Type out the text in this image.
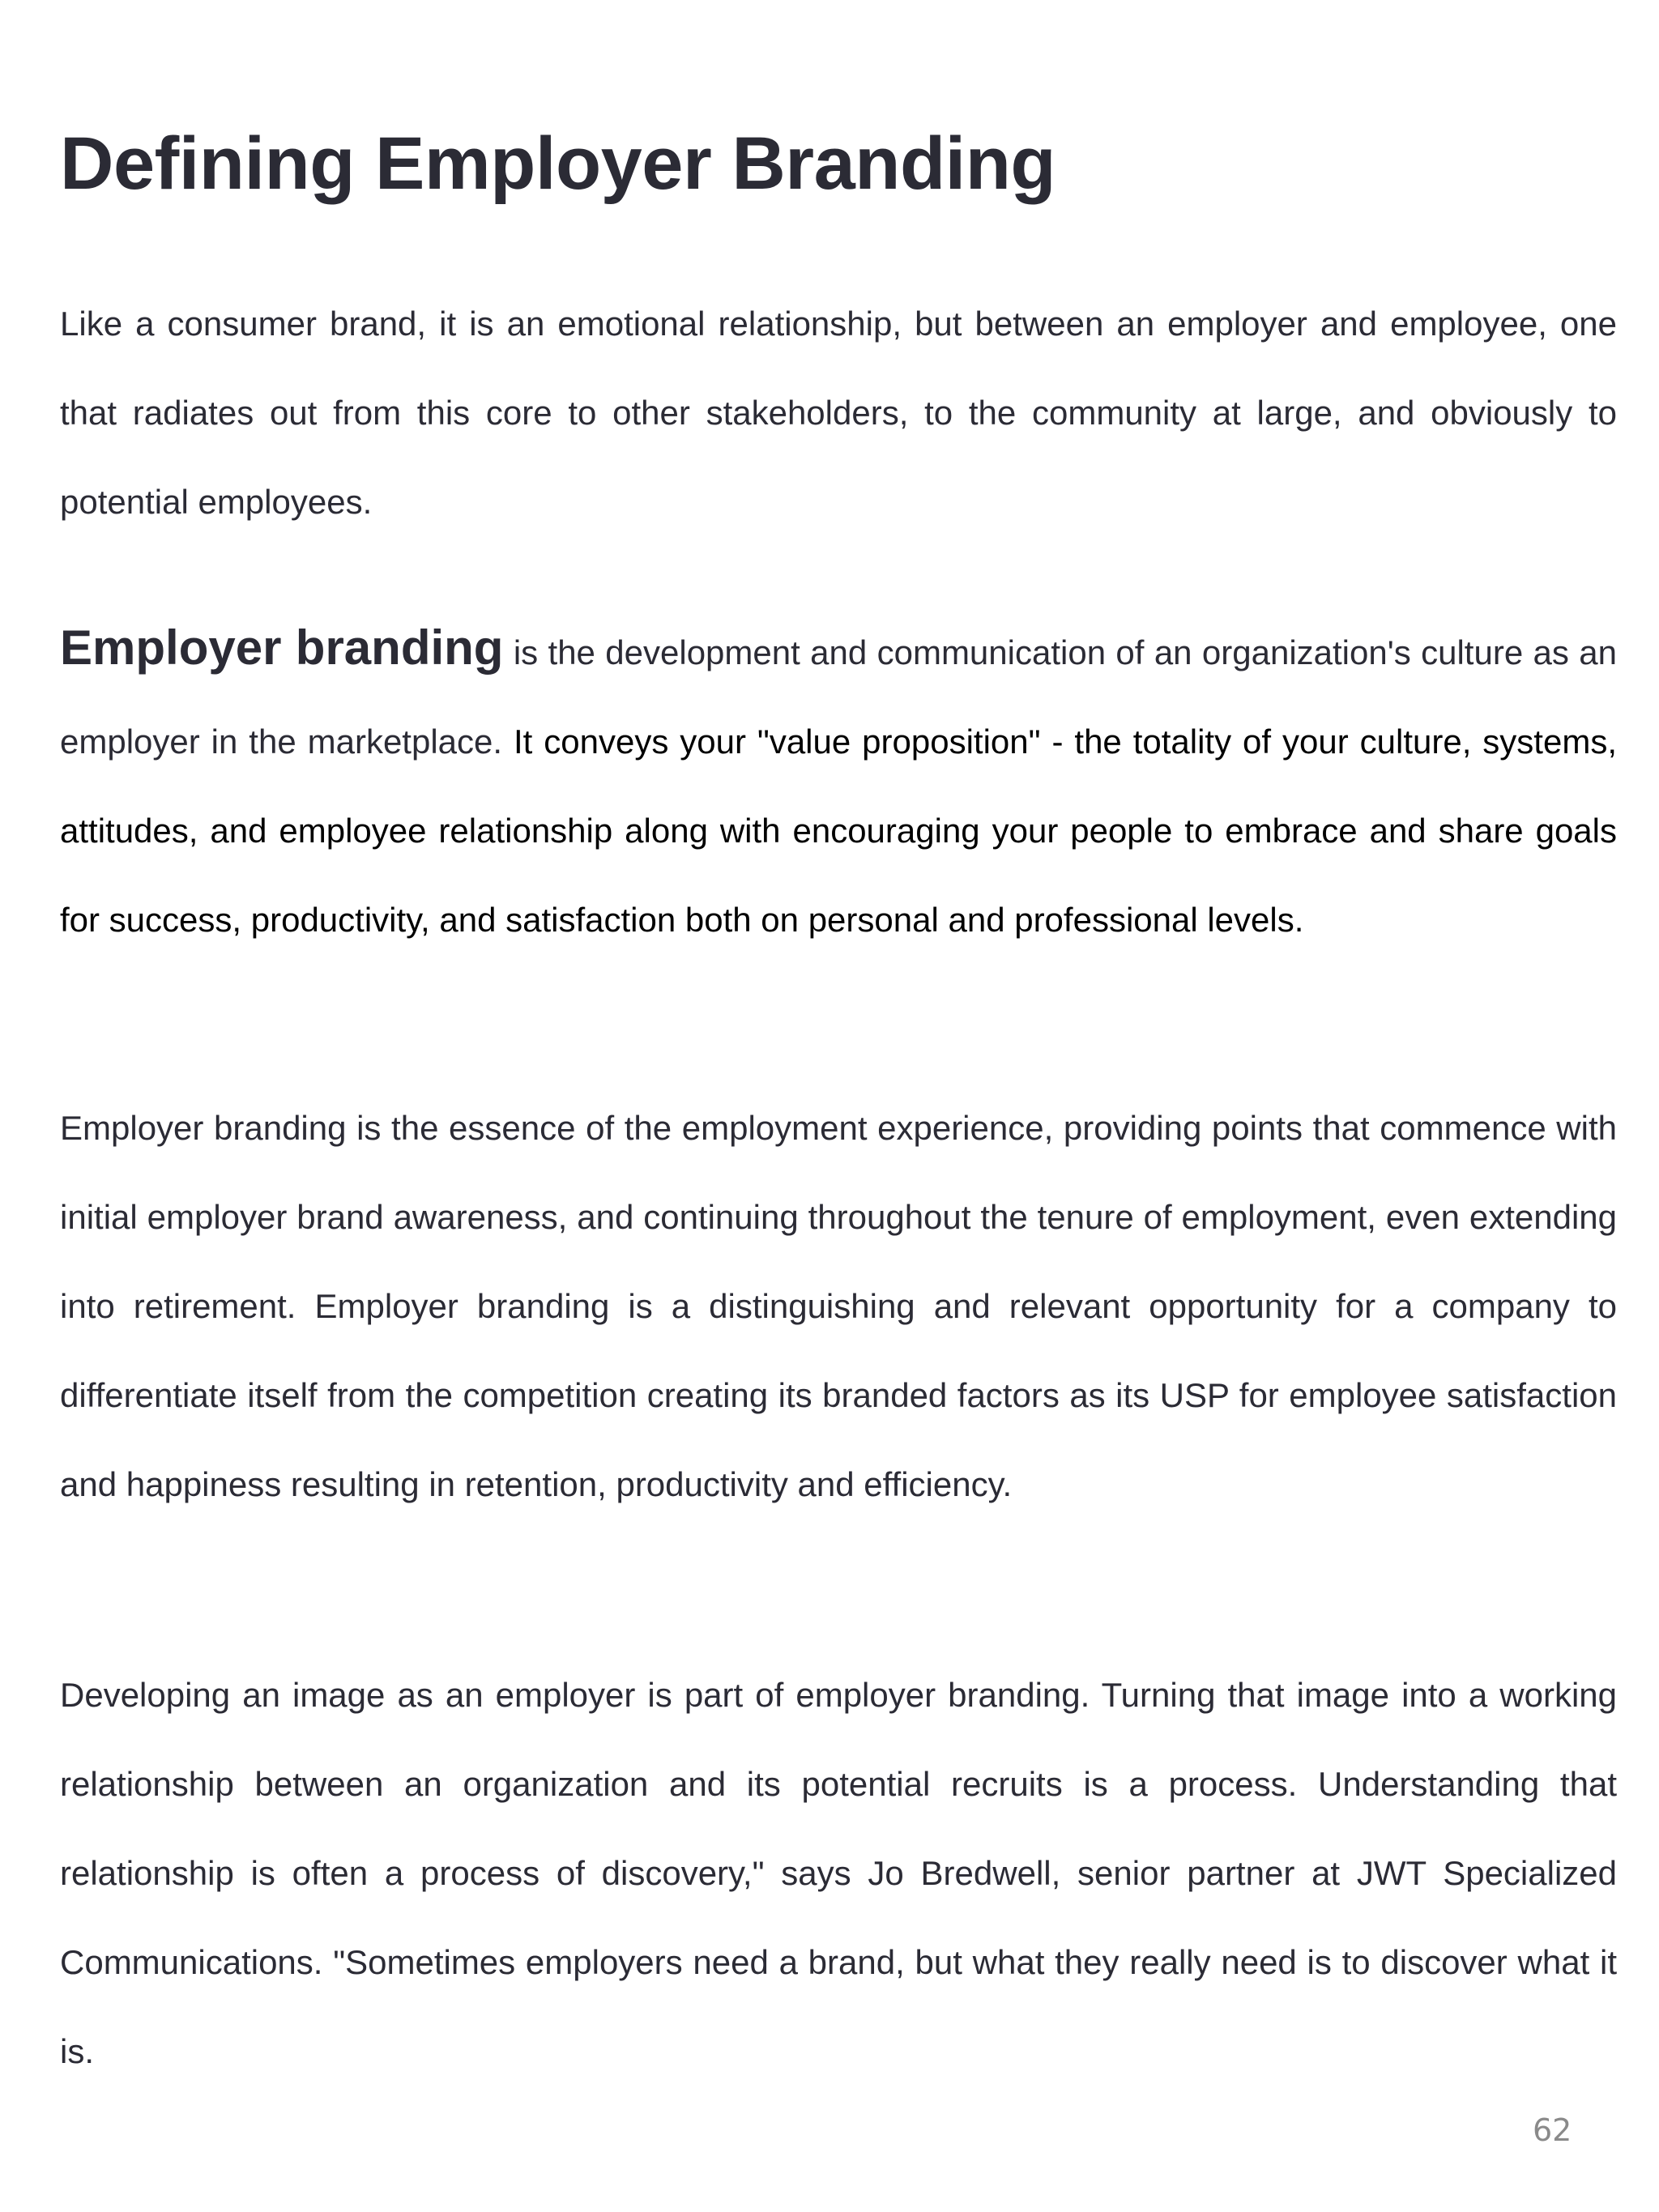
Defining Employer Branding

Like a consumer brand, it is an emotional relationship, but between an employer and employee, one that radiates out from this core to other stakeholders, to the community at large, and obviously to potential employees.

Employer branding is the development and communication of an organization's culture as an employer in the marketplace. It conveys your "value proposition" - the totality of your culture, systems, attitudes, and employee relationship along with encouraging your people to embrace and share goals for success, productivity, and satisfaction both on personal and professional levels.

Employer branding is the essence of the employment experience, providing points that commence with initial employer brand awareness, and continuing throughout the tenure of employment, even extending into retirement. Employer branding is a distinguishing and relevant opportunity for a company to differentiate itself from the competition creating its branded factors as its USP for employee satisfaction and happiness resulting in retention, productivity and efficiency.

Developing an image as an employer is part of employer branding. Turning that image into a working relationship between an organization and its potential recruits is a process. Understanding that relationship is often a process of discovery," says Jo Bredwell, senior partner at JWT Specialized Communications. "Sometimes employers need a brand, but what they really need is to discover what it is.

62
